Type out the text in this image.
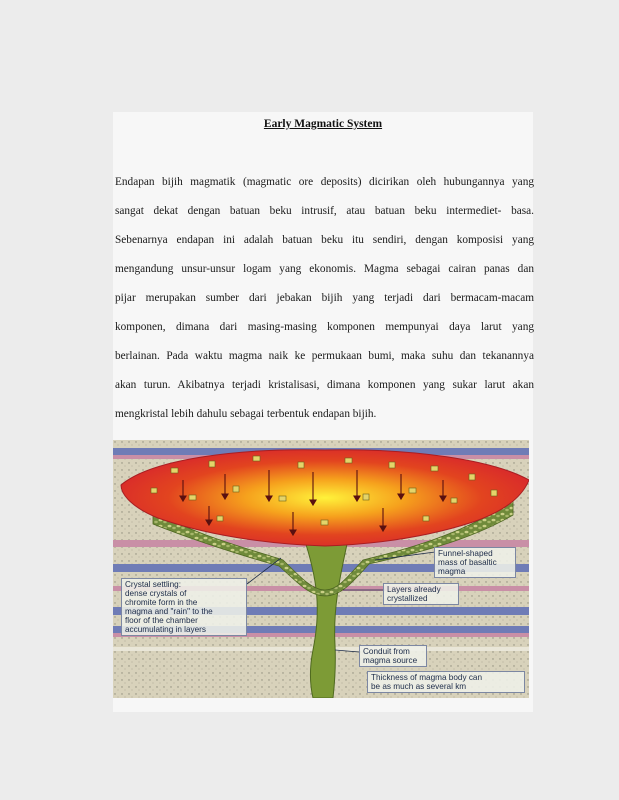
Early Magmatic System
Endapan bijih magmatik (magmatic ore deposits) dicirikan oleh hubungannya yang
sangat dekat dengan batuan beku intrusif, atau batuan beku intermediet- basa.
Sebenarnya endapan ini adalah batuan beku itu sendiri, dengan komposisi yang
mengandung unsur-unsur logam yang ekonomis. Magma sebagai cairan panas dan
pijar merupakan sumber dari jebakan bijih yang terjadi dari bermacam-macam
komponen, dimana dari masing-masing komponen mempunyai daya larut yang
berlainan. Pada waktu magma naik ke permukaan bumi, maka suhu dan tekanannya
akan turun. Akibatnya terjadi kristalisasi, dimana komponen yang sukar larut akan
mengkristal lebih dahulu sebagai terbentuk endapan bijih.
Funnel-shaped
mass of basaltic
magma
Crystal settling:
dense crystals of
chromite form in the
magma and "rain" to the
floor of the chamber
accumulating in layers
Layers already
crystallized
Conduit from
magma source
Thickness of magma body can
be as much as several km
